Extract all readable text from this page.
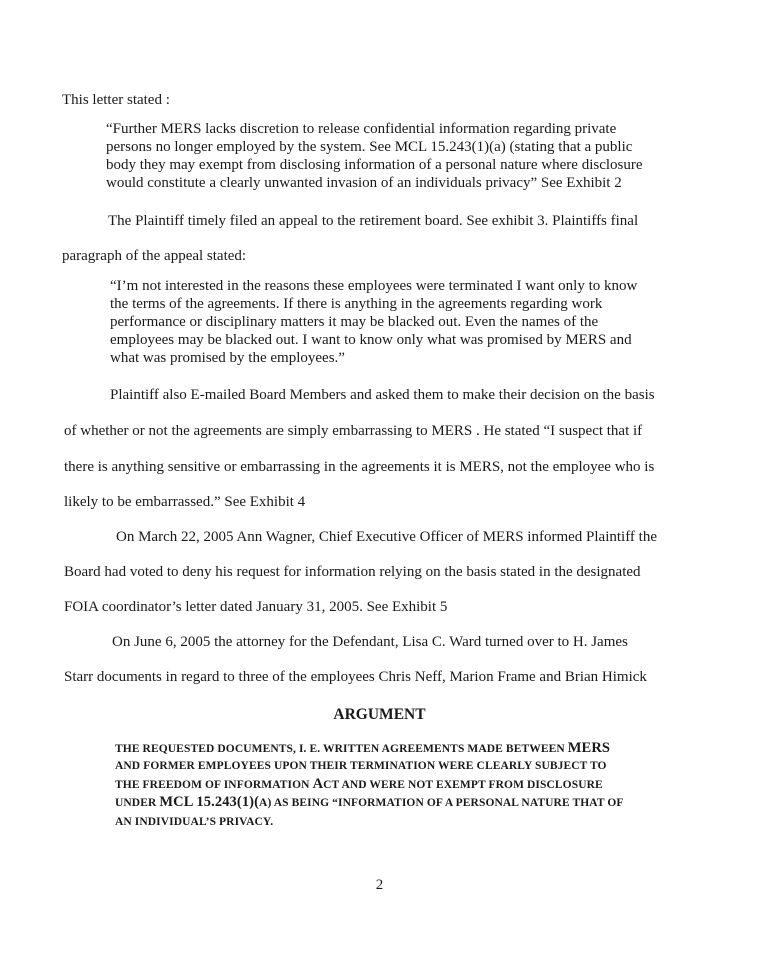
This letter stated :

“Further MERS lacks discretion to release confidential information regarding private

persons no longer employed by the system. See MCL 15.243(1)(a) (stating that a public

body they may exempt from disclosing information of a personal nature where disclosure

would constitute a clearly unwanted invasion of an individuals privacy” See Exhibit 2

The Plaintiff timely filed an appeal to the retirement board. See exhibit 3. Plaintiffs final

paragraph of the appeal stated:

“I’m not interested in the reasons these employees were terminated I want only to know

the terms of the agreements. If there is anything in the agreements regarding work

performance or disciplinary matters it may be blacked out. Even the names of the

employees may be blacked out. I want to know only what was promised by MERS and

what was promised by the employees.”

Plaintiff also E-mailed Board Members and asked them to make their decision on the basis

of whether or not the agreements are simply embarrassing to MERS . He stated “I suspect that if

there is anything sensitive or embarrassing in the agreements it is MERS, not the employee who is

likely to be embarrassed.” See Exhibit 4

On March 22, 2005 Ann Wagner, Chief Executive Officer of MERS informed Plaintiff the

Board had voted to deny his request for information relying on the basis stated in the designated

FOIA coordinator’s letter dated January 31, 2005. See Exhibit 5

On June 6, 2005 the attorney for the Defendant, Lisa C. Ward turned over to H. James

Starr documents in regard to three of the employees Chris Neff, Marion Frame and Brian Himick

ARGUMENT

THE REQUESTED DOCUMENTS, I. E. WRITTEN AGREEMENTS MADE BETWEEN MERS

AND FORMER EMPLOYEES UPON THEIR TERMINATION WERE CLEARLY SUBJECT TO

THE FREEDOM OF INFORMATION ACT AND WERE NOT EXEMPT FROM DISCLOSURE

UNDER MCL 15.243(1)(A) AS BEING “INFORMATION OF A PERSONAL NATURE THAT OF

AN INDIVIDUAL’S PRIVACY.

2
